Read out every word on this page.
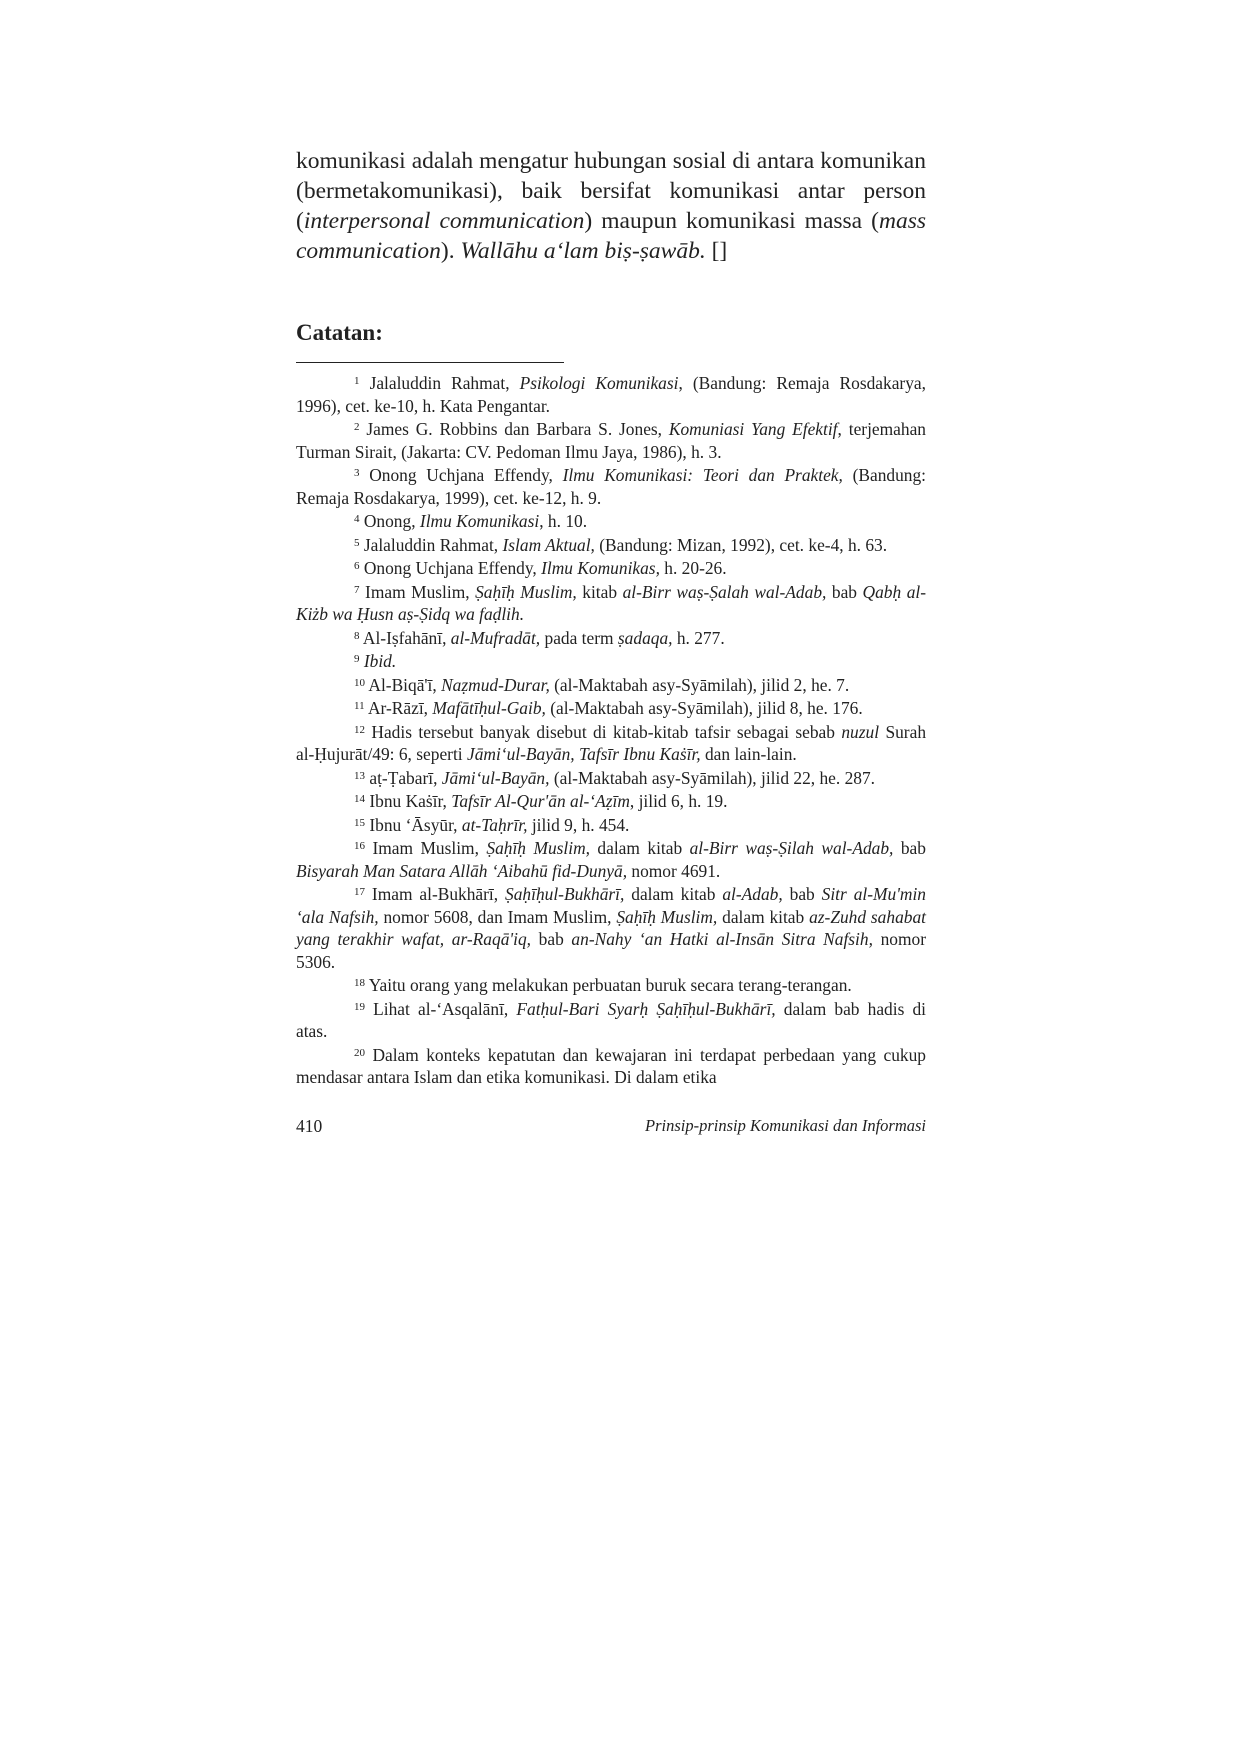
komunikasi adalah mengatur hubungan sosial di antara komunikan (bermetakomunikasi), baik bersifat komunikasi antar person (interpersonal communication) maupun komunikasi massa (mass communication). Wallāhu a‘lam biṣ-ṣawāb. []

Catatan:

$^1$ Jalaluddin Rahmat, Psikologi Komunikasi, (Bandung: Remaja Rosdakarya, 1996), cet. ke-10, h. Kata Pengantar.

$^2$ James G. Robbins dan Barbara S. Jones, Komuniasi Yang Efektif, terjemahan Turman Sirait, (Jakarta: CV. Pedoman Ilmu Jaya, 1986), h. 3.

$^3$ Onong Uchjana Effendy, Ilmu Komunikasi: Teori dan Praktek, (Bandung: Remaja Rosdakarya, 1999), cet. ke-12, h. 9.

$^4$ Onong, Ilmu Komunikasi, h. 10.

$^5$ Jalaluddin Rahmat, Islam Aktual, (Bandung: Mizan, 1992), cet. ke-4, h. 63.

$^6$ Onong Uchjana Effendy, Ilmu Komunikas, h. 20-26.

$^7$ Imam Muslim, Ṣaḥīḥ Muslim, kitab al-Birr waṣ-Ṣalah wal-Adab, bab Qabḥ al-Kiżb wa Ḥusn aṣ-Ṣidq wa faḍlih.

$^8$ Al-Iṣfahānī, al-Mufradāt, pada term ṣadaqa, h. 277.

$^9$ Ibid.

$^{10}$ Al-Biqā'ī, Naẓmud-Durar, (al-Maktabah asy-Syāmilah), jilid 2, he. 7.

$^{11}$ Ar-Rāzī, Mafātīḥul-Gaib, (al-Maktabah asy-Syāmilah), jilid 8, he. 176.

$^{12}$ Hadis tersebut banyak disebut di kitab-kitab tafsir sebagai sebab nuzul Surah al-Ḥujurāt/49: 6, seperti Jāmi‘ul-Bayān, Tafsīr Ibnu Kaṡīr, dan lain-lain.

$^{13}$ aṭ-Ṭabarī, Jāmi‘ul-Bayān, (al-Maktabah asy-Syāmilah), jilid 22, he. 287.

$^{14}$ Ibnu Kaṡīr, Tafsīr Al-Qur'ān al-‘Aẓīm, jilid 6, h. 19.

$^{15}$ Ibnu ‘Āsyūr, at-Taḥrīr, jilid 9, h. 454.

$^{16}$ Imam Muslim, Ṣaḥīḥ Muslim, dalam kitab al-Birr waṣ-Ṣilah wal-Adab, bab Bisyarah Man Satara Allāh ‘Aibahū fid-Dunyā, nomor 4691.

$^{17}$ Imam al-Bukhārī, Ṣaḥīḥul-Bukhārī, dalam kitab al-Adab, bab Sitr al-Mu'min ‘ala Nafsih, nomor 5608, dan Imam Muslim, Ṣaḥīḥ Muslim, dalam kitab az-Zuhd sahabat yang terakhir wafat, ar-Raqā'iq, bab an-Nahy ‘an Hatki al-Insān Sitra Nafsih, nomor 5306.

$^{18}$ Yaitu orang yang melakukan perbuatan buruk secara terang-terangan.

$^{19}$ Lihat al-‘Asqalānī, Fatḥul-Bari Syarḥ Ṣaḥīḥul-Bukhārī, dalam bab hadis di atas.

$^{20}$ Dalam konteks kepatutan dan kewajaran ini terdapat perbedaan yang cukup mendasar antara Islam dan etika komunikasi. Di dalam etika

410	Prinsip-prinsip Komunikasi dan Informasi
